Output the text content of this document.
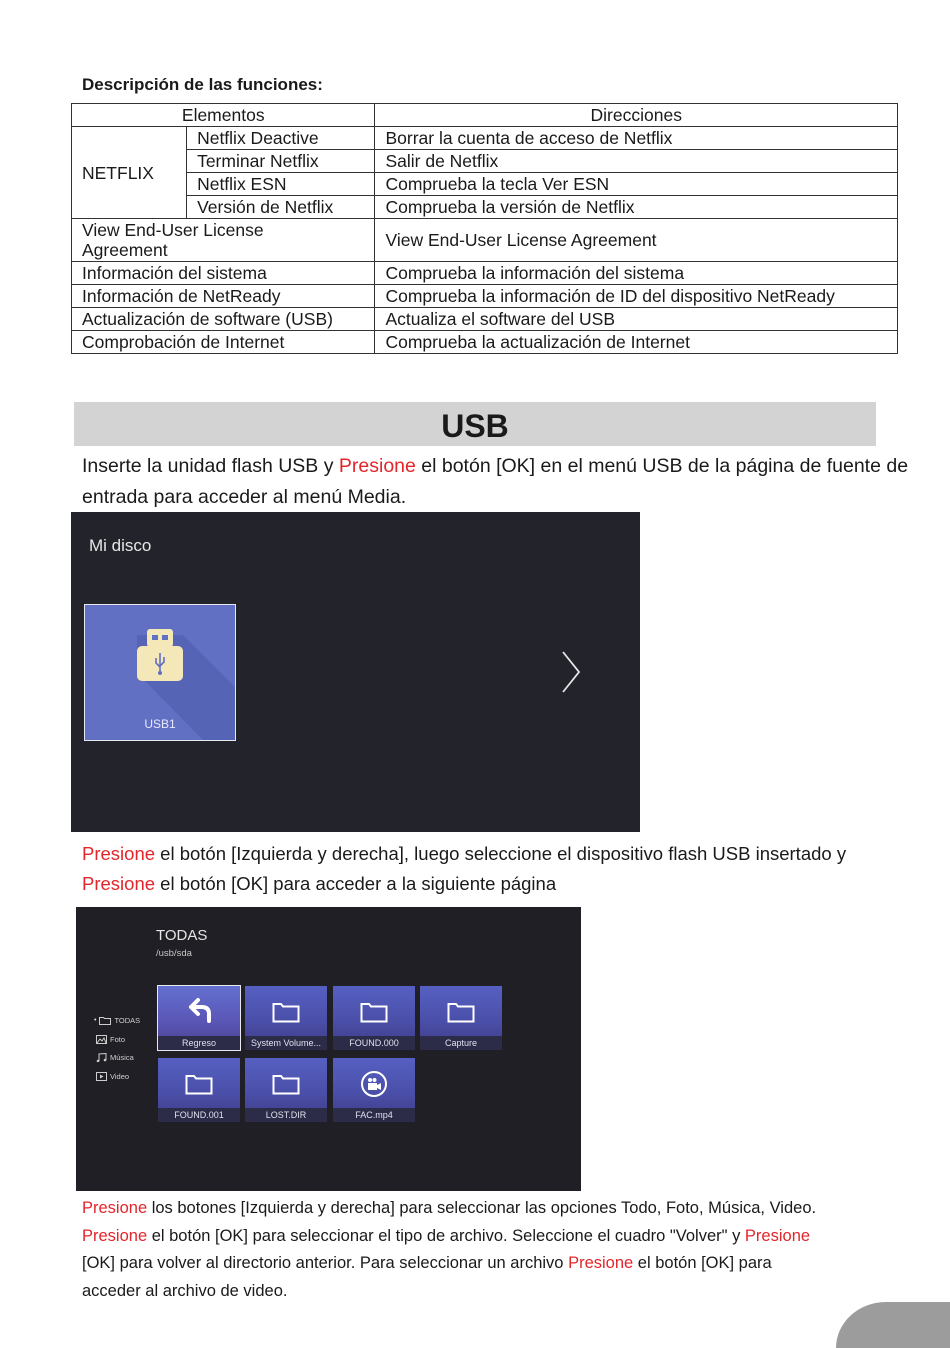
Descripción de las funciones:
Elementos		Direcciones
NETFLIX	Netflix Deactive	Borrar la cuenta de acceso de Netflix
	Terminar Netflix	Salir de Netflix
	Netflix ESN	Comprueba la tecla Ver ESN
	Versión de Netflix	Comprueba la versión de Netflix
View End-User License Agreement		View End-User License Agreement
Información del sistema		Comprueba la información del sistema
Información de NetReady		Comprueba la información de ID del dispositivo NetReady
Actualización de software (USB)		Actualiza el software del USB
Comprobación de Internet		Comprueba la actualización de Internet
USB
Inserte la unidad flash USB y Presione el botón [OK] en el menú USB de la página de fuente de entrada para acceder al menú Media.
Mi disco
USB1
Presione el botón [Izquierda y derecha], luego seleccione el dispositivo flash USB insertado y Presione el botón [OK] para acceder a la siguiente página
TODAS
/usb/sda
• TODAS
Foto
Música
Video
Regreso	System Volume...	FOUND.000	Capture
FOUND.001	LOST.DIR	FAC.mp4
Presione los botones [Izquierda y derecha] para seleccionar las opciones Todo, Foto, Música, Video. Presione el botón [OK] para seleccionar el tipo de archivo. Seleccione el cuadro "Volver" y Presione [OK] para volver al directorio anterior. Para seleccionar un archivo Presione el botón [OK] para acceder al archivo de video.
